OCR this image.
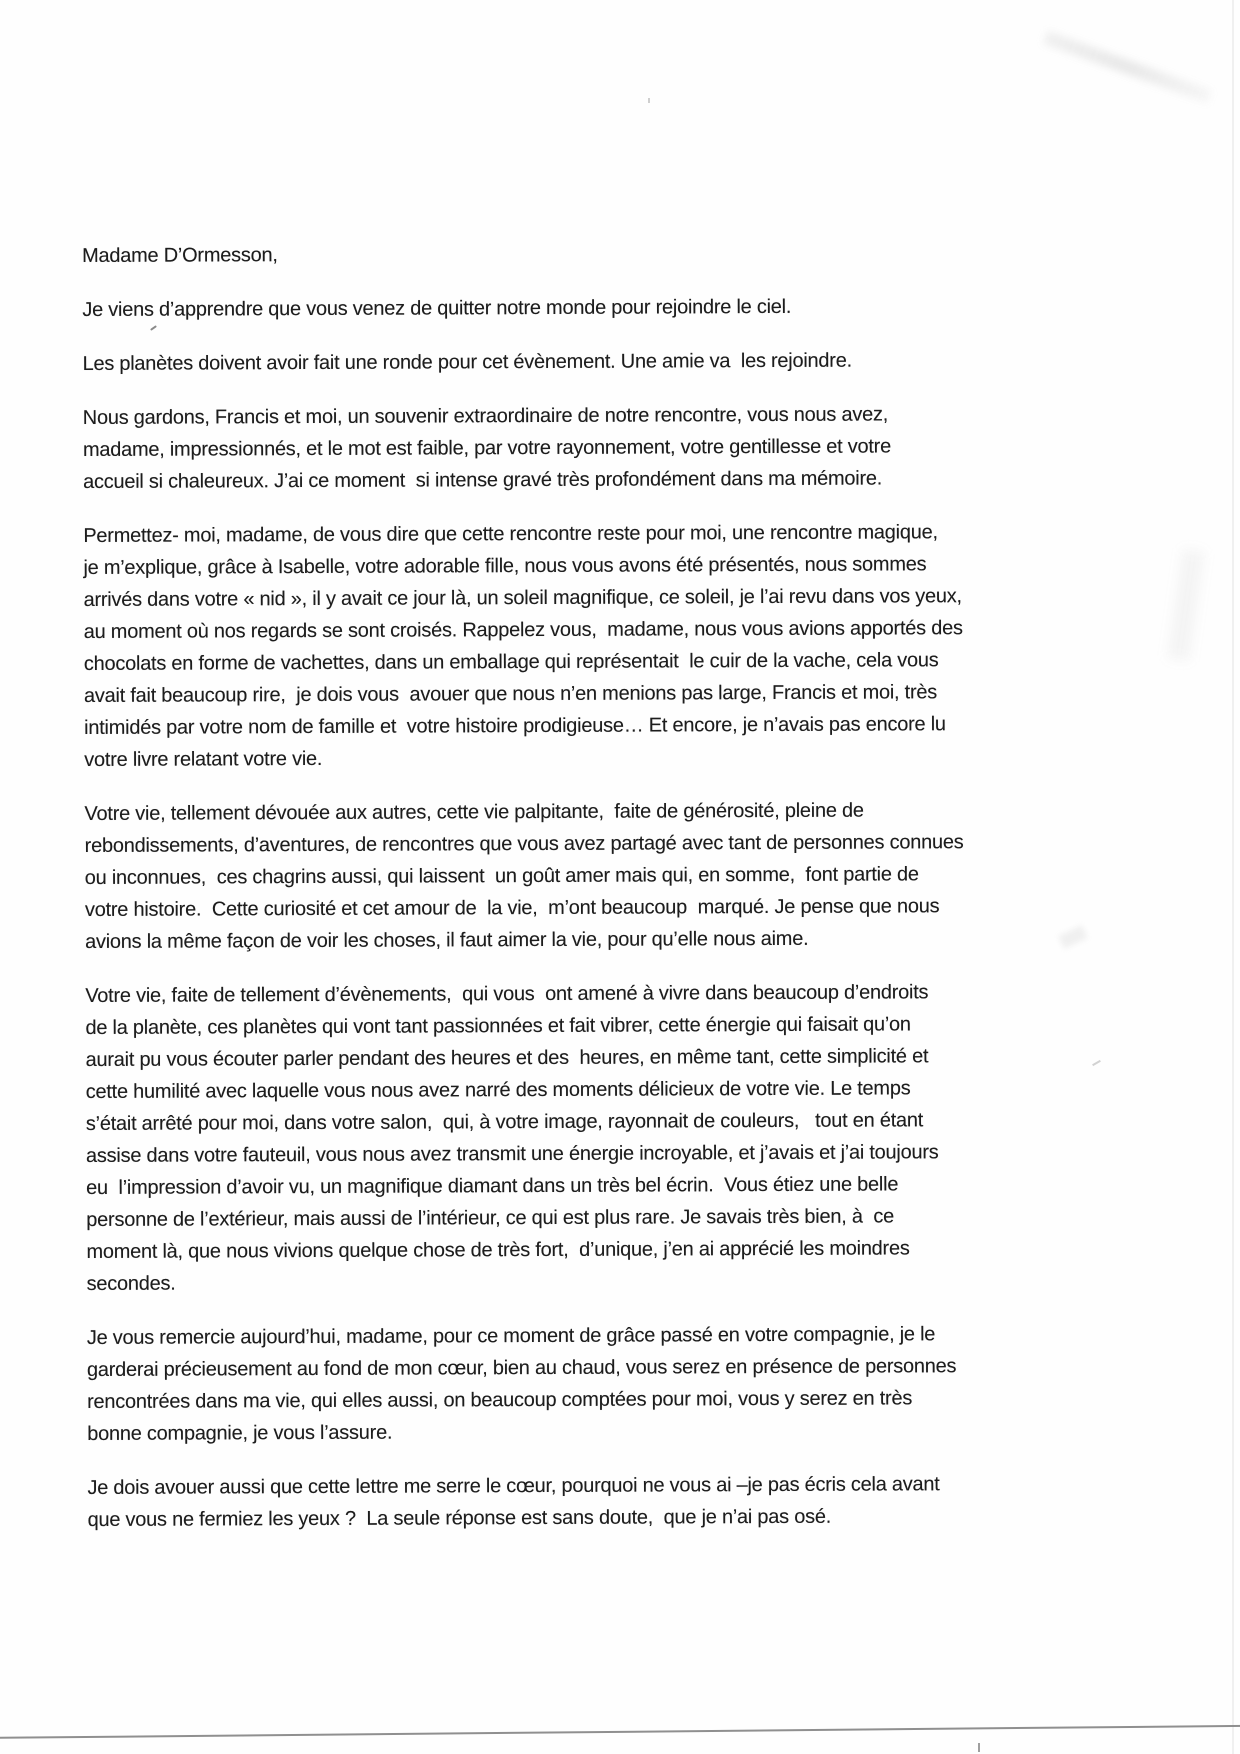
Madame D’Ormesson,

Je viens d’apprendre que vous venez de quitter notre monde pour rejoindre le ciel.

Les planètes doivent avoir fait une ronde pour cet évènement. Une amie va  les rejoindre.

Nous gardons, Francis et moi, un souvenir extraordinaire de notre rencontre, vous nous avez,
madame, impressionnés, et le mot est faible, par votre rayonnement, votre gentillesse et votre
accueil si chaleureux. J’ai ce moment  si intense gravé très profondément dans ma mémoire.

Permettez- moi, madame, de vous dire que cette rencontre reste pour moi, une rencontre magique,
je m’explique, grâce à Isabelle, votre adorable fille, nous vous avons été présentés, nous sommes
arrivés dans votre « nid », il y avait ce jour là, un soleil magnifique, ce soleil, je l’ai revu dans vos yeux,
au moment où nos regards se sont croisés. Rappelez vous,  madame, nous vous avions apportés des
chocolats en forme de vachettes, dans un emballage qui représentait  le cuir de la vache, cela vous
avait fait beaucoup rire,  je dois vous  avouer que nous n’en menions pas large, Francis et moi, très
intimidés par votre nom de famille et  votre histoire prodigieuse… Et encore, je n’avais pas encore lu
votre livre relatant votre vie.

Votre vie, tellement dévouée aux autres, cette vie palpitante,  faite de générosité, pleine de
rebondissements, d’aventures, de rencontres que vous avez partagé avec tant de personnes connues
ou inconnues,  ces chagrins aussi, qui laissent  un goût amer mais qui, en somme,  font partie de
votre histoire.  Cette curiosité et cet amour de  la vie,  m’ont beaucoup  marqué. Je pense que nous
avions la même façon de voir les choses, il faut aimer la vie, pour qu’elle nous aime.

Votre vie, faite de tellement d’évènements,  qui vous  ont amené à vivre dans beaucoup d’endroits
de la planète, ces planètes qui vont tant passionnées et fait vibrer, cette énergie qui faisait qu’on
aurait pu vous écouter parler pendant des heures et des  heures, en même tant, cette simplicité et
cette humilité avec laquelle vous nous avez narré des moments délicieux de votre vie. Le temps
s’était arrêté pour moi, dans votre salon,  qui, à votre image, rayonnait de couleurs,   tout en étant
assise dans votre fauteuil, vous nous avez transmit une énergie incroyable, et j’avais et j’ai toujours
eu  l’impression d’avoir vu, un magnifique diamant dans un très bel écrin.  Vous étiez une belle
personne de l’extérieur, mais aussi de l’intérieur, ce qui est plus rare. Je savais très bien, à  ce
moment là, que nous vivions quelque chose de très fort,  d’unique, j’en ai apprécié les moindres
secondes.

Je vous remercie aujourd’hui, madame, pour ce moment de grâce passé en votre compagnie, je le
garderai précieusement au fond de mon cœur, bien au chaud, vous serez en présence de personnes
rencontrées dans ma vie, qui elles aussi, on beaucoup comptées pour moi, vous y serez en très
bonne compagnie, je vous l’assure.

Je dois avouer aussi que cette lettre me serre le cœur, pourquoi ne vous ai –je pas écris cela avant
que vous ne fermiez les yeux ?  La seule réponse est sans doute,  que je n’ai pas osé.
